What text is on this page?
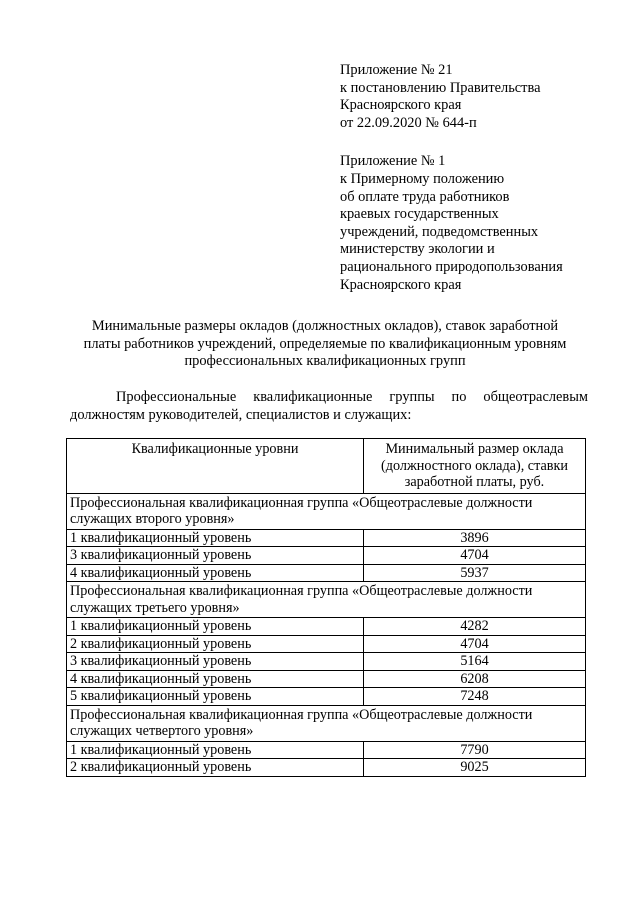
Приложение № 21
к постановлению Правительства
Красноярского края
от 22.09.2020 № 644-п
Приложение № 1
к Примерному положению
об оплате труда работников
краевых государственных
учреждений, подведомственных
министерству экологии и
рационального природопользования
Красноярского края
Минимальные размеры окладов (должностных окладов), ставок заработной
платы работников учреждений, определяемые по квалификационным уровням
профессиональных квалификационных групп
Профессиональные квалификационные группы по общеотраслевым
должностям руководителей, специалистов и служащих:
Квалификационные уровни	Минимальный размер оклада (должностного оклада), ставки заработной платы, руб.
Профессиональная квалификационная группа «Общеотраслевые должности служащих второго уровня»	
1 квалификационный уровень	3896
3 квалификационный уровень	4704
4 квалификационный уровень	5937
Профессиональная квалификационная группа «Общеотраслевые должности служащих третьего уровня»	
1 квалификационный уровень	4282
2 квалификационный уровень	4704
3 квалификационный уровень	5164
4 квалификационный уровень	6208
5 квалификационный уровень	7248
Профессиональная квалификационная группа «Общеотраслевые должности служащих четвертого уровня»	
1 квалификационный уровень	7790
2 квалификационный уровень	9025
